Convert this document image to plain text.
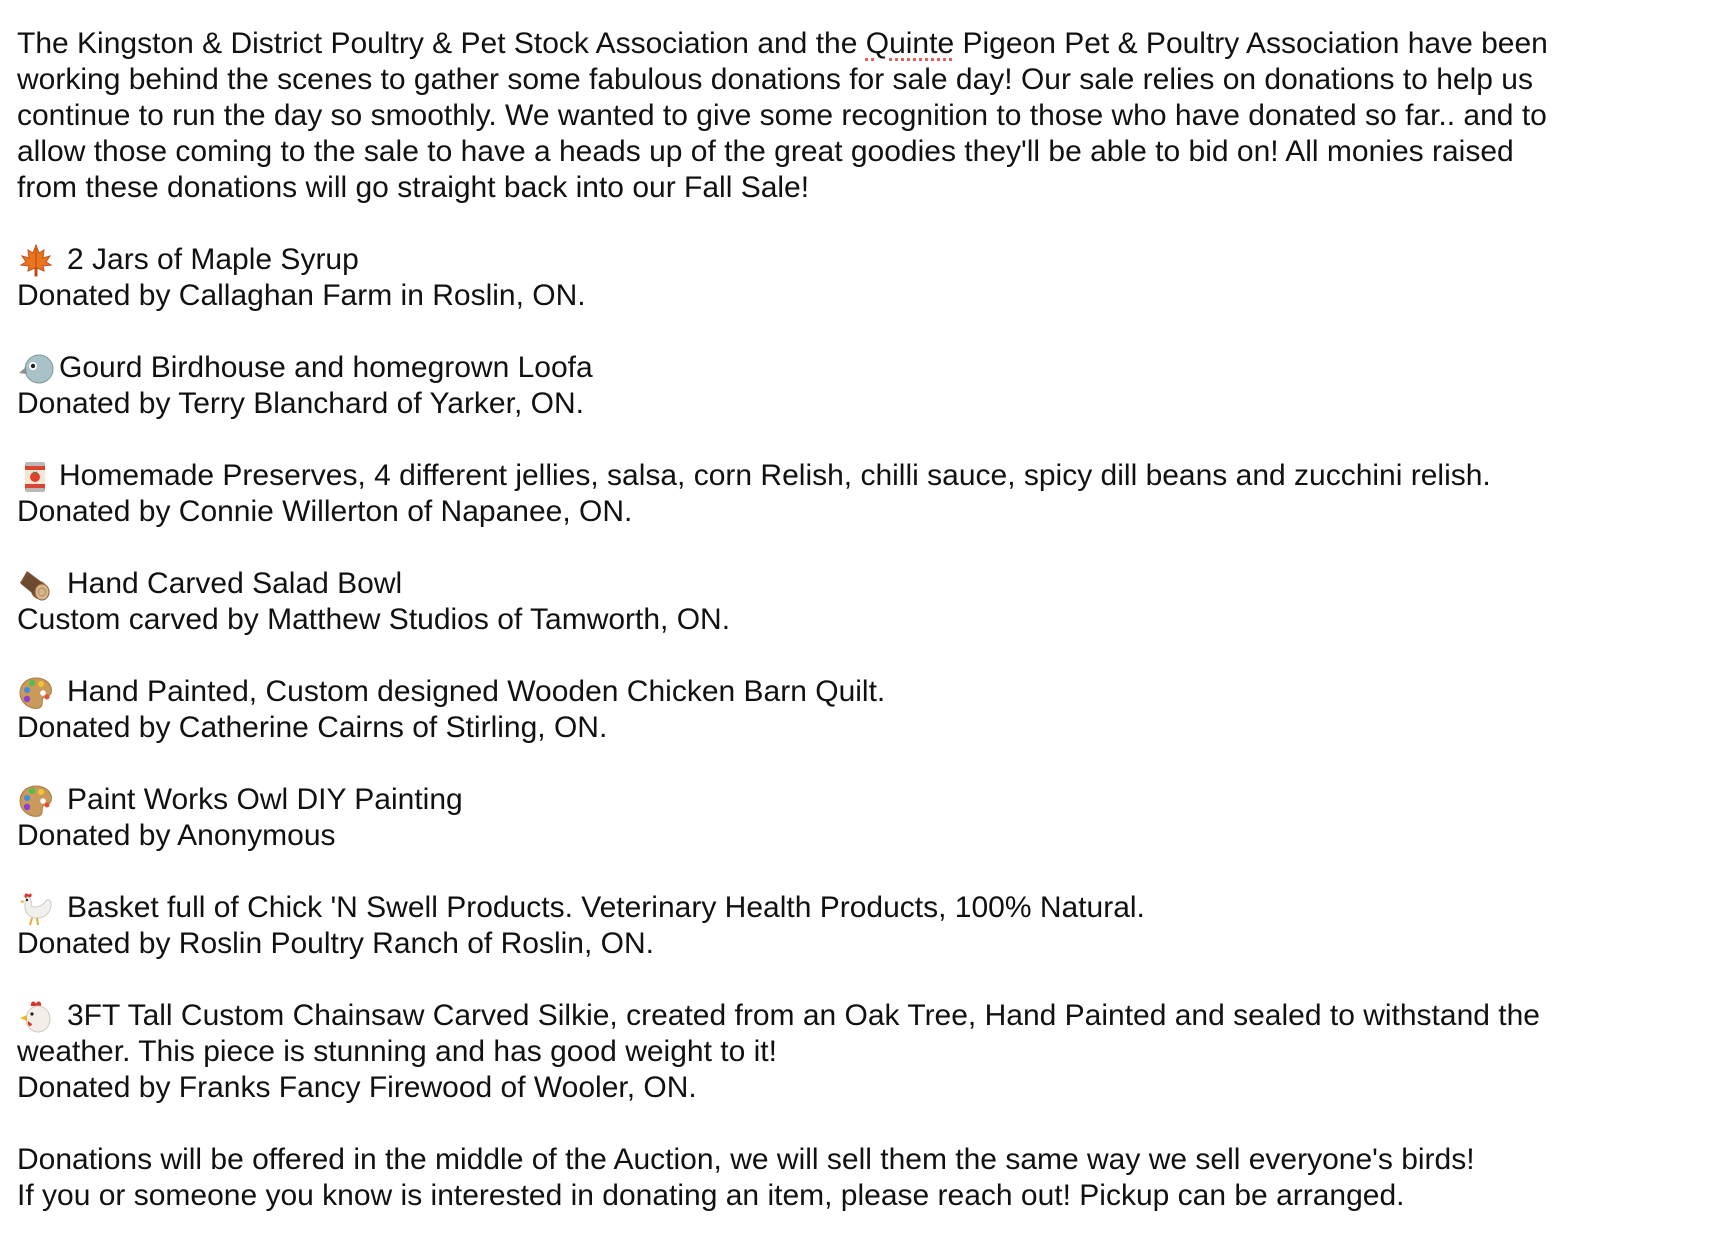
The Kingston & District Poultry & Pet Stock Association and the Quinte Pigeon Pet & Poultry Association have been
working behind the scenes to gather some fabulous donations for sale day! Our sale relies on donations to help us
continue to run the day so smoothly. We wanted to give some recognition to those who have donated so far.. and to
allow those coming to the sale to have a heads up of the great goodies they'll be able to bid on! All monies raised
from these donations will go straight back into our Fall Sale!
2 Jars of Maple Syrup
Donated by Callaghan Farm in Roslin, ON.
Gourd Birdhouse and homegrown Loofa
Donated by Terry Blanchard of Yarker, ON.
Homemade Preserves, 4 different jellies, salsa, corn Relish, chilli sauce, spicy dill beans and zucchini relish.
Donated by Connie Willerton of Napanee, ON.
Hand Carved Salad Bowl
Custom carved by Matthew Studios of Tamworth, ON.
Hand Painted, Custom designed Wooden Chicken Barn Quilt.
Donated by Catherine Cairns of Stirling, ON.
Paint Works Owl DIY Painting
Donated by Anonymous
Basket full of Chick 'N Swell Products. Veterinary Health Products, 100% Natural.
Donated by Roslin Poultry Ranch of Roslin, ON.
3FT Tall Custom Chainsaw Carved Silkie, created from an Oak Tree, Hand Painted and sealed to withstand the
weather. This piece is stunning and has good weight to it!
Donated by Franks Fancy Firewood of Wooler, ON.
Donations will be offered in the middle of the Auction, we will sell them the same way we sell everyone's birds!
If you or someone you know is interested in donating an item, please reach out! Pickup can be arranged.
